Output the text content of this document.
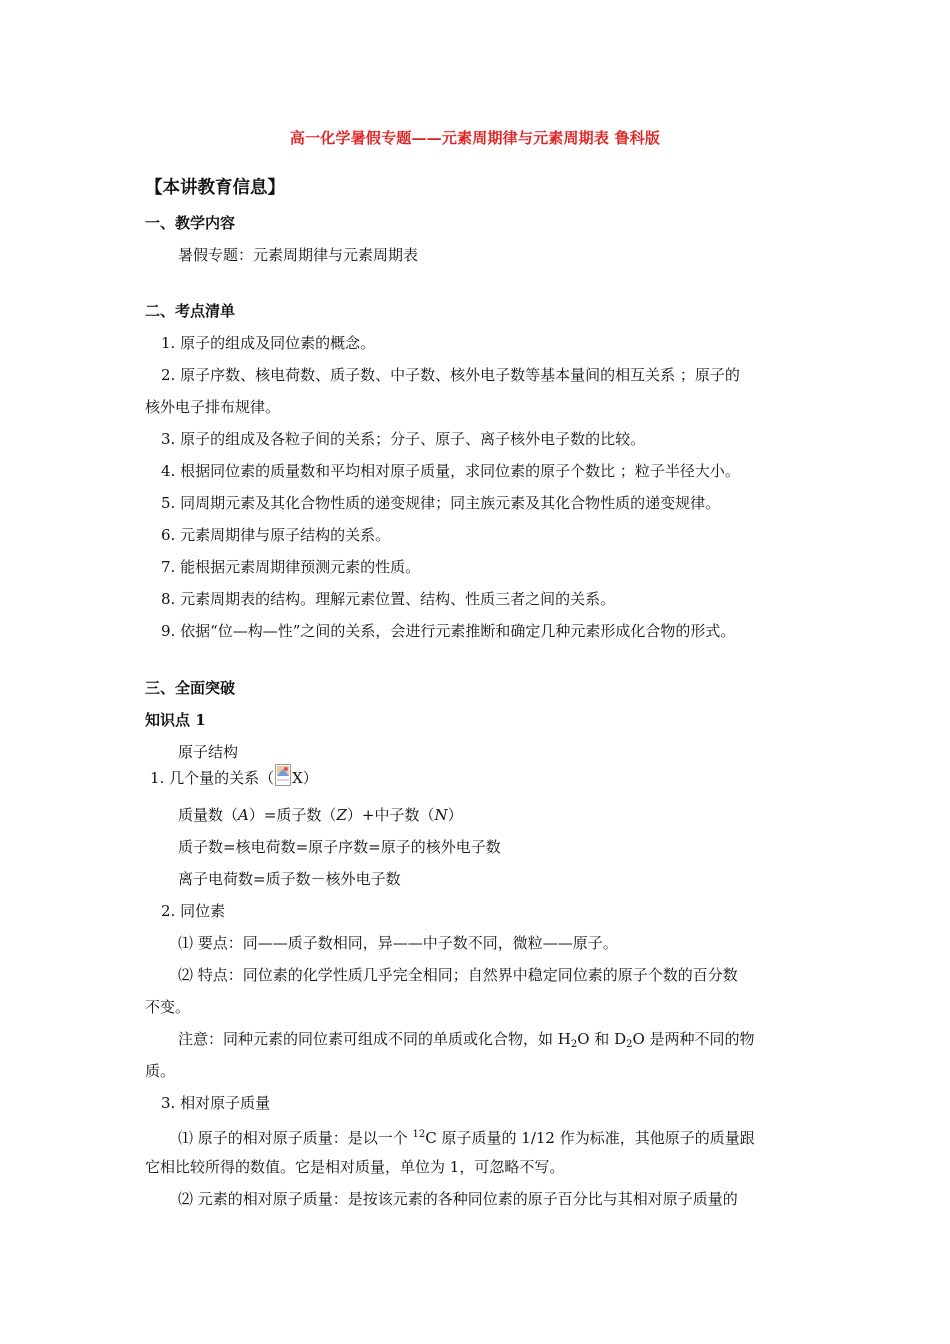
高一化学暑假专题——元素周期律与元素周期表 鲁科版
【本讲教育信息】
一、教学内容
暑假专题：元素周期律与元素周期表
二、考点清单
1. 原子的组成及同位素的概念。
2. 原子序数、核电荷数、质子数、中子数、核外电子数等基本量间的相互关系 ；原子的
核外电子排布规律。
3. 原子的组成及各粒子间的关系；分子、原子、离子核外电子数的比较。
4. 根据同位素的质量数和平均相对原子质量，求同位素的原子个数比 ；粒子半径大小。
5. 同周期元素及其化合物性质的递变规律；同主族元素及其化合物性质的递变规律。
6. 元素周期律与原子结构的关系。
7. 能根据元素周期律预测元素的性质。
8. 元素周期表的结构。理解元素位置、结构、性质三者之间的关系。
9. 依据“位—构—性”之间的关系，会进行元素推断和确定几种元素形成化合物的形式。
三、全面突破
知识点 1
原子结构
1. 几个量的关系（ X）
质量数（A）=质子数（Z）+中子数（N）
质子数=核电荷数=原子序数=原子的核外电子数
离子电荷数=质子数－核外电子数
2. 同位素
⑴ 要点：同——质子数相同，异——中子数不同，微粒——原子。
⑵ 特点：同位素的化学性质几乎完全相同；自然界中稳定同位素的原子个数的百分数
不变。
注意：同种元素的同位素可组成不同的单质或化合物，如 $H_2O$ 和 $D_2O$ 是两种不同的物
质。
3. 相对原子质量
⑴ 原子的相对原子质量：是以一个 $^{12}$C 原子质量的 1/12 作为标准，其他原子的质量跟
它相比较所得的数值。它是相对质量，单位为 1，可忽略不写。
⑵ 元素的相对原子质量：是按该元素的各种同位素的原子百分比与其相对原子质量的
